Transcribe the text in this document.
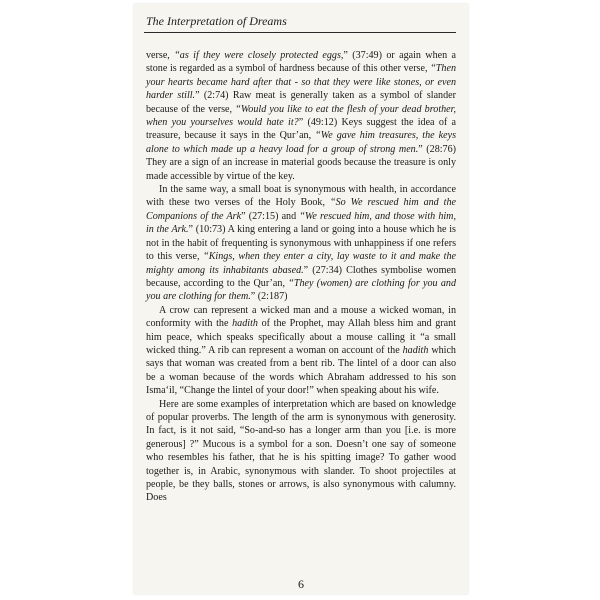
The Interpretation of Dreams

verse, “as if they were closely protected eggs,” (37:49) or again when a stone is regarded as a symbol of hardness because of this other verse, “Then your hearts became hard after that - so that they were like stones, or even harder still.” (2:74) Raw meat is generally taken as a symbol of slander because of the verse, “Would you like to eat the flesh of your dead brother, when you yourselves would hate it?” (49:12) Keys suggest the idea of a treasure, because it says in the Qur’an, “We gave him treasures, the keys alone to which made up a heavy load for a group of strong men.” (28:76) They are a sign of an increase in material goods because the treasure is only made accessible by virtue of the key.

In the same way, a small boat is synonymous with health, in accordance with these two verses of the Holy Book, “So We rescued him and the Companions of the Ark” (27:15) and “We rescued him, and those with him, in the Ark.” (10:73) A king entering a land or going into a house which he is not in the habit of frequenting is synonymous with unhappiness if one refers to this verse, “Kings, when they enter a city, lay waste to it and make the mighty among its inhabitants abased.” (27:34) Clothes symbolise women because, according to the Qur’an, “They (women) are clothing for you and you are clothing for them.” (2:187)

A crow can represent a wicked man and a mouse a wicked woman, in conformity with the hadith of the Prophet, may Allah bless him and grant him peace, which speaks specifically about a mouse calling it “a small wicked thing.” A rib can represent a woman on account of the hadith which says that woman was created from a bent rib. The lintel of a door can also be a woman because of the words which Abraham addressed to his son Isma‘il, “Change the lintel of your door!” when speaking about his wife.

Here are some examples of interpretation which are based on knowledge of popular proverbs. The length of the arm is synonymous with generosity. In fact, is it not said, “So-and-so has a longer arm than you [i.e. is more generous] ?” Mucous is a symbol for a son. Doesn’t one say of someone who resembles his father, that he is his spitting image? To gather wood together is, in Arabic, synonymous with slander. To shoot projectiles at people, be they balls, stones or arrows, is also synonymous with calumny. Does

6
